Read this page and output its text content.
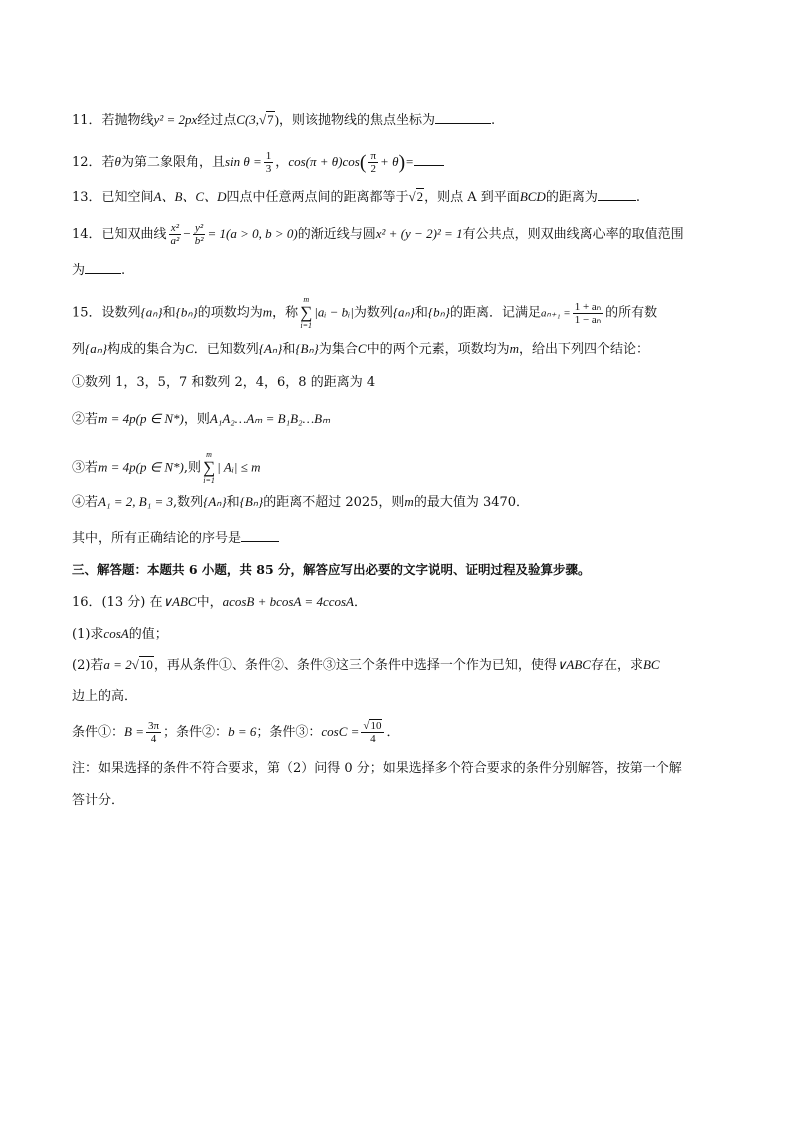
11．若抛物线y² = 2px经过点C(3,√7)，则该抛物线的焦点坐标为	.
12．若θ为第二象限角，且$\sin \theta = \frac{1}{3}$ ，$\cos(\pi + \theta)\cos( \frac{\pi}{2} + \theta)=$
13．已知空间A、B、C、D四点中任意两点间的距离都等于√2，则点 A 到平面BCD的距离为	.
14．已知双曲线 $\frac{\text{x²}}{\text{a²}} - \frac{\text{y²}}{\text{b²}} = 1(a > 0$, b > 0)的渐近线与圆x² + (y − 2)² = 1有公共点，则双曲线离心率的取值范围
为	.
15．设数列{aₙ}和{bₙ}的项数均为m，称
m
∑
i=1
|aᵢ − bᵢ|为数列{aₙ}和{bₙ}的距离．记满足$a_{n+1} = \frac{\text{1 + aₙ}}{\text{1 − aₙ}}$ 的所有数
列{aₙ}构成的集合为C．已知数列{Aₙ}和{Bₙ}为集合C中的两个元素，项数均为m，给出下列四个结论：
①数列 1，3，5，7 和数列 2，4，6，8 的距离为 4
②若m = 4p(p ∈ N*)，则A₁A₂…Aₘ = B₁B₂…Bₘ
③若m = 4p(p ∈ N*),则
m
∑
i=1
| Aᵢ| ≤ m
④若A₁ = 2, B₁ = 3,数列{Aₙ}和{Bₙ}的距离不超过 2025，则m的最大值为 3470．
其中，所有正确结论的序号是
三、解答题：本题共 6 小题，共 85 分，解答应写出必要的文字说明、证明过程及验算步骤。
16．(13 分) 在∨ABC中，acosB + bcosA = 4ccosA．
(1)求cosA的值；
(2)若a = 2√10，再从条件①、条件②、条件③这三个条件中选择一个作为已知，使得∨ABC存在，求BC
边上的高．
条件①：$B = \frac{3\pi}{4}$ ；条件②：b = 6；条件③：$\cos C = \frac{√10}{4}$ ．
注：如果选择的条件不符合要求，第（2）问得 0 分；如果选择多个符合要求的条件分别解答，按第一个解
答计分．
